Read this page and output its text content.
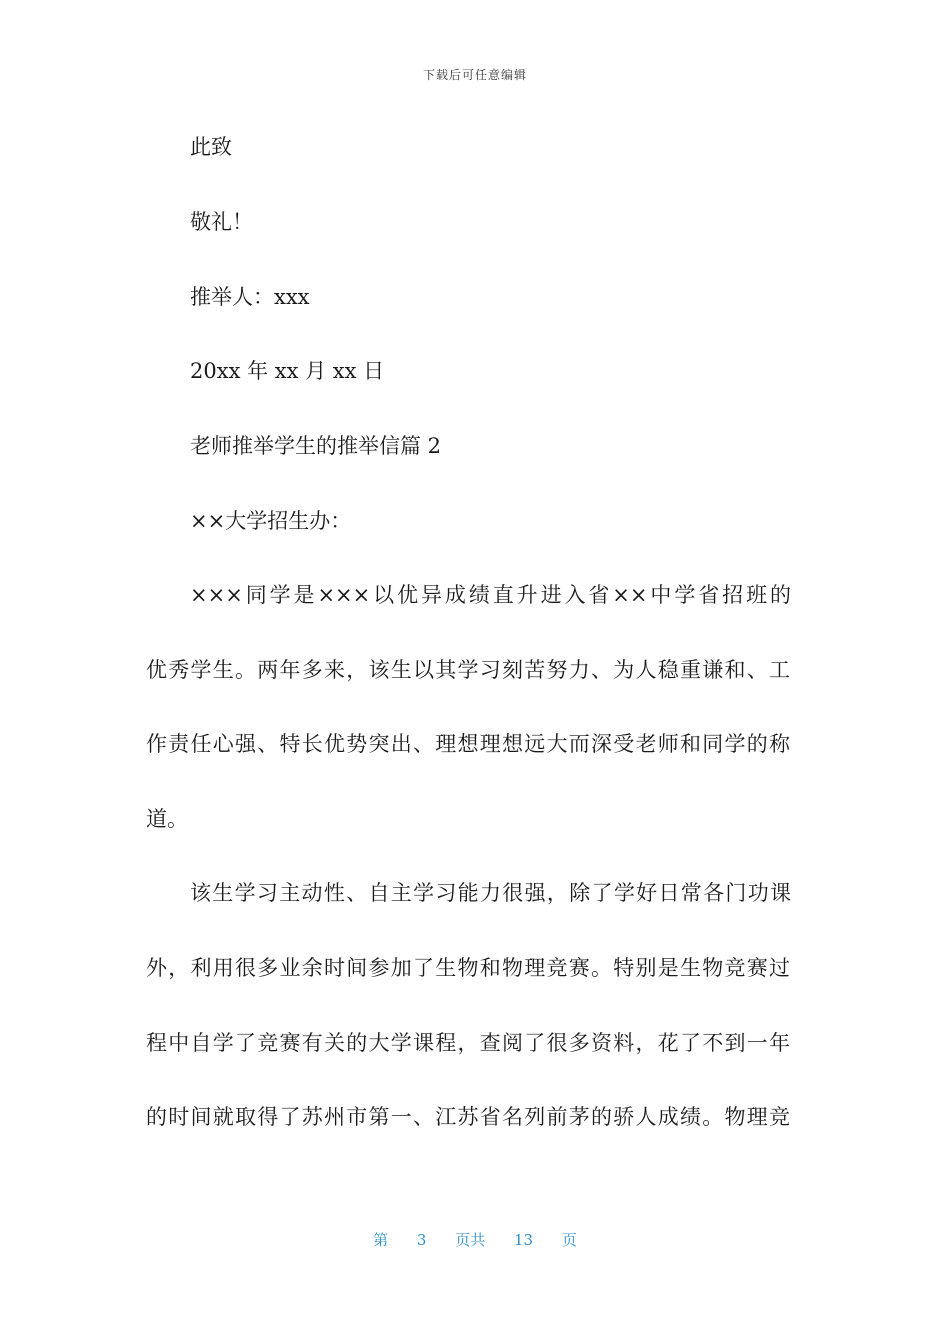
下载后可任意编辑
此致
敬礼！
推举人：xxx
20xx 年 xx 月 xx 日
老师推举学生的推举信篇 2
××大学招生办：
×××同学是×××以优异成绩直升进入省××中学省招班的
优秀学生。两年多来，该生以其学习刻苦努力、为人稳重谦和、工
作责任心强、特长优势突出、理想理想远大而深受老师和同学的称
道。
该生学习主动性、自主学习能力很强，除了学好日常各门功课
外，利用很多业余时间参加了生物和物理竞赛。特别是生物竞赛过
程中自学了竞赛有关的大学课程，查阅了很多资料，花了不到一年
的时间就取得了苏州市第一、江苏省名列前茅的骄人成绩。物理竞
第 3 页共 13 页
